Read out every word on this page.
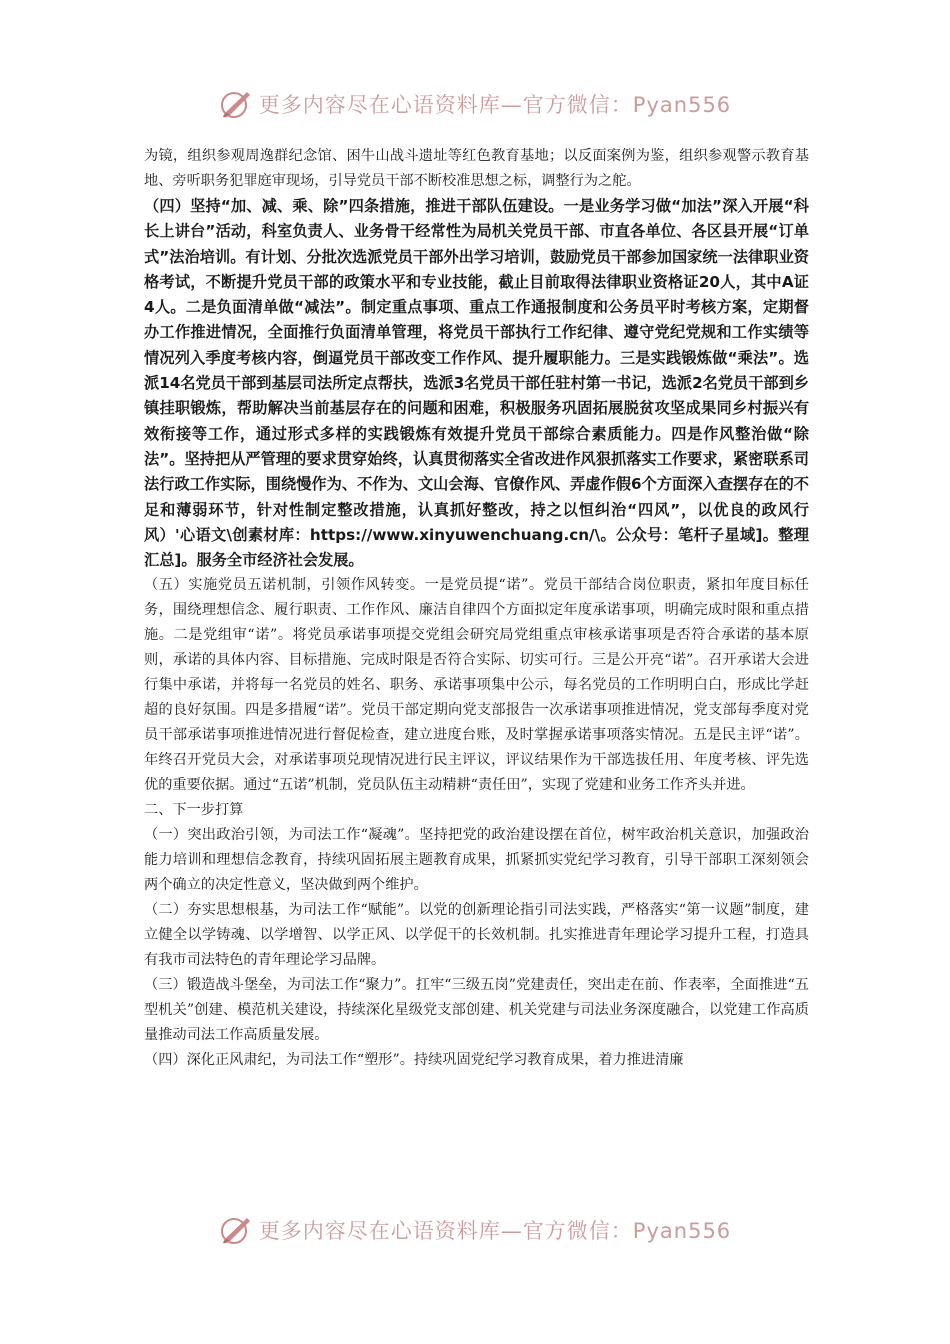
更多内容尽在心语资料库—官方微信：Pyan556

为镜，组织参观周逸群纪念馆、困牛山战斗遗址等红色教育基地；以反面案例为鉴，组织参观警示教育基地、旁听职务犯罪庭审现场，引导党员干部不断校准思想之标，调整行为之舵。

（四）坚持“加、减、乘、除”四条措施，推进干部队伍建设。一是业务学习做“加法”深入开展“科长上讲台”活动，科室负责人、业务骨干经常性为局机关党员干部、市直各单位、各区县开展“订单式”法治培训。有计划、分批次选派党员干部外出学习培训，鼓励党员干部参加国家统一法律职业资格考试，不断提升党员干部的政策水平和专业技能，截止目前取得法律职业资格证20人，其中A证4人。二是负面清单做“减法”。制定重点事项、重点工作通报制度和公务员平时考核方案，定期督办工作推进情况，全面推行负面清单管理，将党员干部执行工作纪律、遵守党纪党规和工作实绩等情况列入季度考核内容，倒逼党员干部改变工作作风、提升履职能力。三是实践锻炼做“乘法”。选派14名党员干部到基层司法所定点帮扶，选派3名党员干部任驻村第一书记，选派2名党员干部到乡镇挂职锻炼，帮助解决当前基层存在的问题和困难，积极服务巩固拓展脱贫攻坚成果同乡村振兴有效衔接等工作，通过形式多样的实践锻炼有效提升党员干部综合素质能力。四是作风整治做“除法”。坚持把从严管理的要求贯穿始终，认真贯彻落实全省改进作风狠抓落实工作要求，紧密联系司法行政工作实际，围绕慢作为、不作为、文山会海、官僚作风、弄虚作假6个方面深入查摆存在的不足和薄弱环节，针对性制定整改措施，认真抓好整改，持之以恒纠治“四风”，以优良的政风行风）'心语文\创素材库：https://www.xinyuwenchuang.cn/\。公众号：笔杆子星域]。整理汇总]。服务全市经济社会发展。

（五）实施党员五诺机制，引领作风转变。一是党员提“诺”。党员干部结合岗位职责，紧扣年度目标任务，围绕理想信念、履行职责、工作作风、廉洁自律四个方面拟定年度承诺事项，明确完成时限和重点措施。二是党组审“诺”。将党员承诺事项提交党组会研究局党组重点审核承诺事项是否符合承诺的基本原则，承诺的具体内容、目标措施、完成时限是否符合实际、切实可行。三是公开亮“诺”。召开承诺大会进行集中承诺，并将每一名党员的姓名、职务、承诺事项集中公示，每名党员的工作明明白白，形成比学赶超的良好氛围。四是多措履“诺”。党员干部定期向党支部报告一次承诺事项推进情况，党支部每季度对党员干部承诺事项推进情况进行督促检查，建立进度台账，及时掌握承诺事项落实情况。五是民主评“诺”。年终召开党员大会，对承诺事项兑现情况进行民主评议，评议结果作为干部选拔任用、年度考核、评先选优的重要依据。通过“五诺”机制，党员队伍主动精耕“责任田”，实现了党建和业务工作齐头并进。

二、下一步打算

（一）突出政治引领，为司法工作“凝魂”。坚持把党的政治建设摆在首位，树牢政治机关意识，加强政治能力培训和理想信念教育，持续巩固拓展主题教育成果，抓紧抓实党纪学习教育，引导干部职工深刻领会两个确立的决定性意义，坚决做到两个维护。

（二）夯实思想根基，为司法工作“赋能”。以党的创新理论指引司法实践，严格落实“第一议题”制度，建立健全以学铸魂、以学增智、以学正风、以学促干的长效机制。扎实推进青年理论学习提升工程，打造具有我市司法特色的青年理论学习品牌。

（三）锻造战斗堡垒，为司法工作“聚力”。扛牢“三级五岗”党建责任，突出走在前、作表率，全面推进“五型机关”创建、模范机关建设，持续深化星级党支部创建、机关党建与司法业务深度融合，以党建工作高质量推动司法工作高质量发展。

（四）深化正风肃纪，为司法工作“塑形”。持续巩固党纪学习教育成果，着力推进清廉

更多内容尽在心语资料库—官方微信：Pyan556
